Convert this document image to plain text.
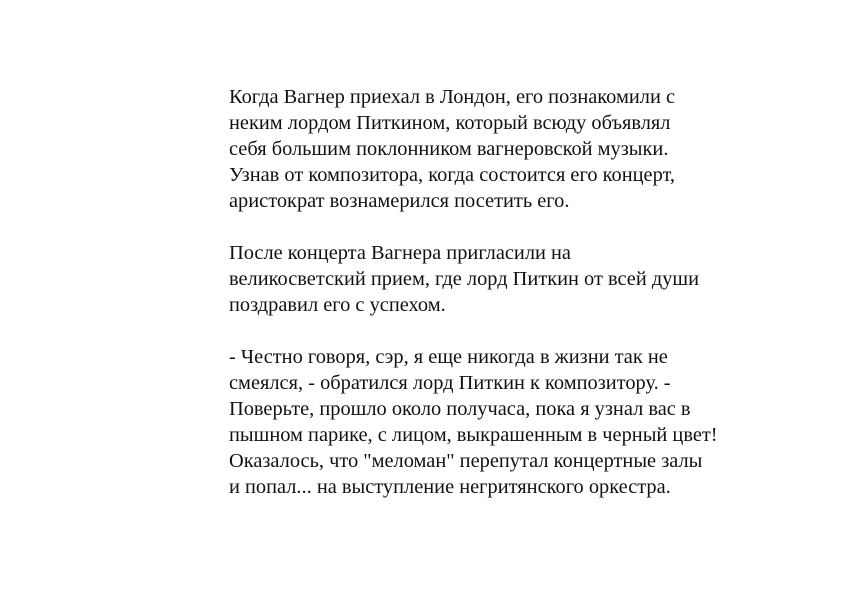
Когда Вагнер приехал в Лондон, его познакомили с
неким лордом Питкином, который всюду объявлял
себя большим поклонником вагнеровской музыки.
Узнав от композитора, когда состоится его концерт,
аристократ вознамерился посетить его.

После концерта Вагнера пригласили на
великосветский прием, где лорд Питкин от всей души
поздравил его с успехом.

- Честно говоря, сэр, я еще никогда в жизни так не
смеялся, - обратился лорд Питкин к композитору. -
Поверьте, прошло около получаса, пока я узнал вас в
пышном парике, с лицом, выкрашенным в черный цвет!
Оказалось, что "меломан" перепутал концертные залы
и попал... на выступление негритянского оркестра.
